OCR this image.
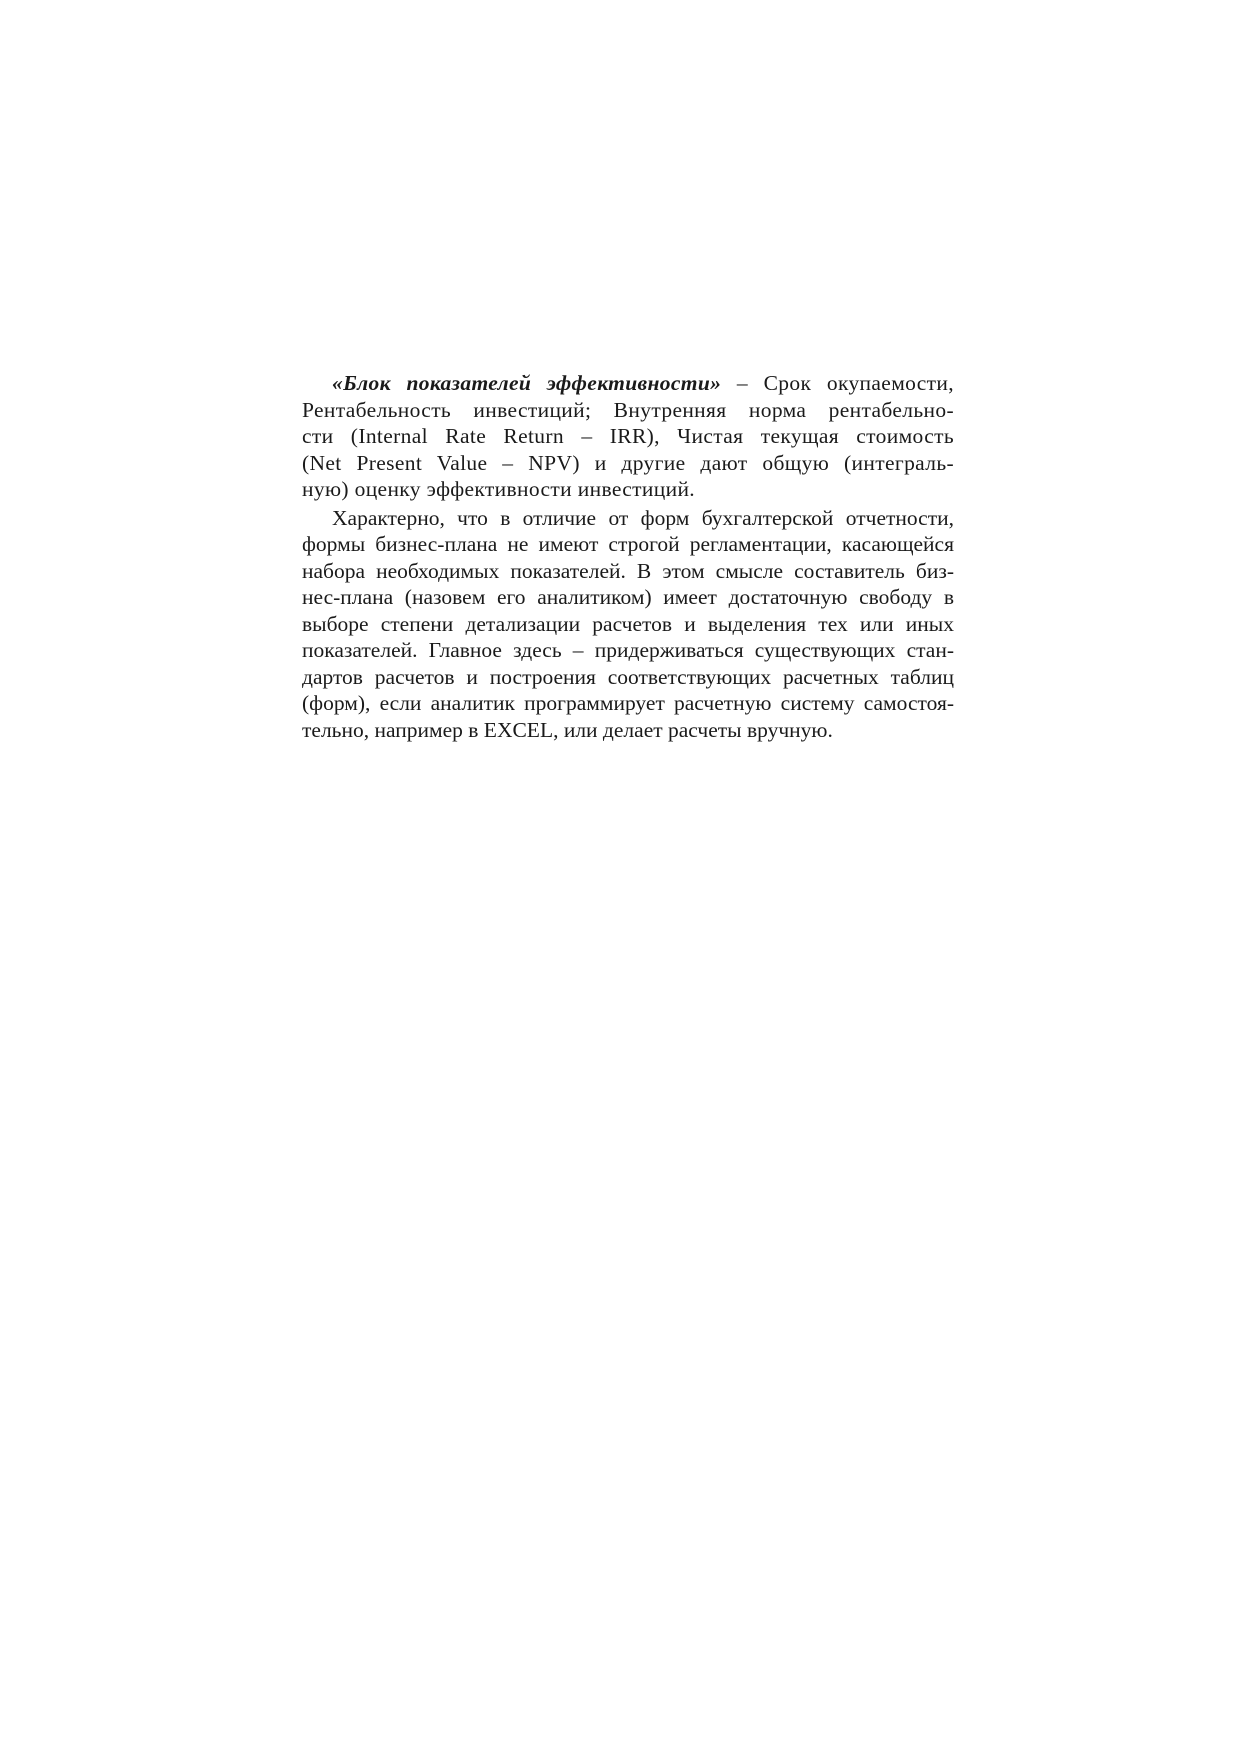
«Блок показателей эффективности» – Срок окупаемости,
Рентабельность инвестиций; Внутренняя норма рентабельно-
сти (Internal Rate Return – IRR), Чистая текущая стоимость
(Net Present Value – NPV) и другие дают общую (интеграль-
ную) оценку эффективности инвестиций.
Характерно, что в отличие от форм бухгалтерской отчетности,
формы бизнес-плана не имеют строгой регламентации, касающейся
набора необходимых показателей. В этом смысле составитель биз-
нес-плана (назовем его аналитиком) имеет достаточную свободу в
выборе степени детализации расчетов и выделения тех или иных
показателей. Главное здесь – придерживаться существующих стан-
дартов расчетов и построения соответствующих расчетных таблиц
(форм), если аналитик программирует расчетную систему самостоя-
тельно, например в EXCEL, или делает расчеты вручную.
